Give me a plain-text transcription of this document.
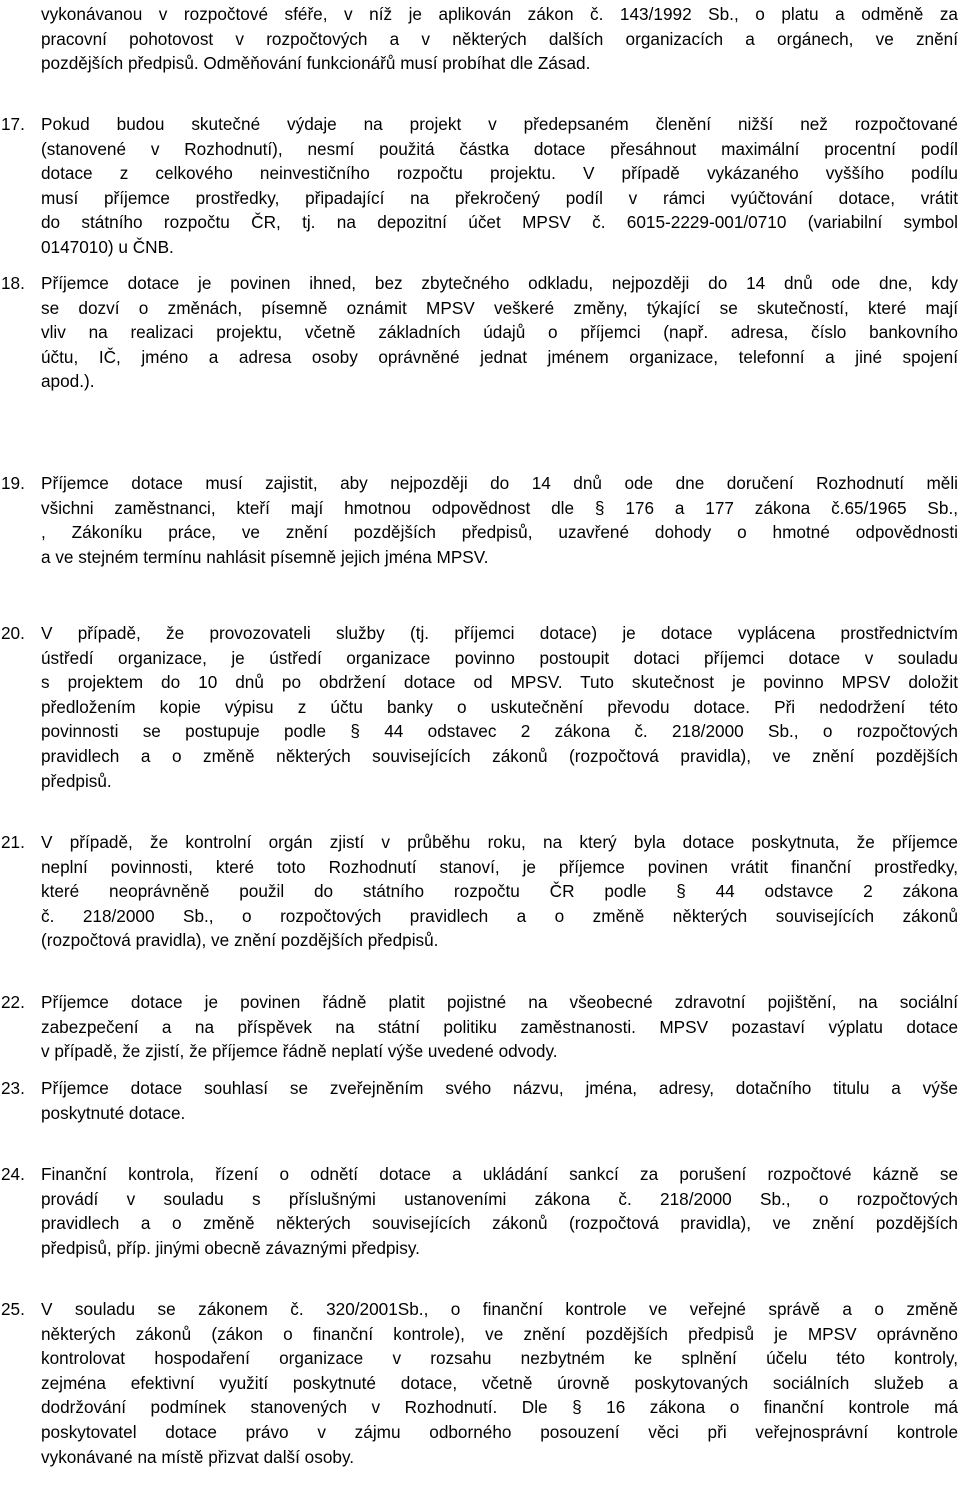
vykonávanou v rozpočtové sféře, v níž je aplikován zákon č. 143/1992 Sb., o platu a odměně za
pracovní pohotovost v rozpočtových a v některých dalších organizacích a orgánech, ve znění
pozdějších předpisů. Odměňování funkcionářů musí probíhat dle Zásad.
17. Pokud budou skutečné výdaje na projekt v předepsaném členění nižší než rozpočtované
(stanovené v Rozhodnutí), nesmí použitá částka dotace přesáhnout maximální procentní podíl
dotace z celkového neinvestičního rozpočtu projektu. V případě vykázaného vyššího podílu
musí příjemce prostředky, připadající na překročený podíl v rámci vyúčtování dotace, vrátit
do státního rozpočtu ČR, tj. na depozitní účet MPSV č. 6015-2229-001/0710 (variabilní symbol
0147010) u ČNB.
18. Příjemce dotace je povinen ihned, bez zbytečného odkladu, nejpozději do 14 dnů ode dne, kdy
se dozví o změnách, písemně oznámit MPSV veškeré změny, týkající se skutečností, které mají
vliv na realizaci projektu, včetně základních údajů o příjemci (např. adresa, číslo bankovního
účtu, IČ, jméno a adresa osoby oprávněné jednat jménem organizace, telefonní a jiné spojení
apod.).
19. Příjemce dotace musí zajistit, aby nejpozději do 14 dnů ode dne doručení Rozhodnutí měli
všichni zaměstnanci, kteří mají hmotnou odpovědnost dle § 176 a 177 zákona č.65/1965 Sb.,
, Zákoníku práce, ve znění pozdějších předpisů, uzavřené dohody o hmotné odpovědnosti
a ve stejném termínu nahlásit písemně jejich jména MPSV.
20. V případě, že provozovateli služby (tj. příjemci dotace) je dotace vyplácena prostřednictvím
ústředí organizace, je ústředí organizace povinno postoupit dotaci příjemci dotace v souladu
s projektem do 10 dnů po obdržení dotace od MPSV. Tuto skutečnost je povinno MPSV doložit
předložením kopie výpisu z účtu banky o uskutečnění převodu dotace. Při nedodržení této
povinnosti se postupuje podle § 44 odstavec 2 zákona č. 218/2000 Sb., o rozpočtových
pravidlech a o změně některých souvisejících zákonů (rozpočtová pravidla), ve znění pozdějších
předpisů.
21. V případě, že kontrolní orgán zjistí v průběhu roku, na který byla dotace poskytnuta, že příjemce
neplní povinnosti, které toto Rozhodnutí stanoví, je příjemce povinen vrátit finanční prostředky,
které neoprávněně použil do státního rozpočtu ČR podle § 44 odstavce 2 zákona
č. 218/2000 Sb., o rozpočtových pravidlech a o změně některých souvisejících zákonů
(rozpočtová pravidla), ve znění pozdějších předpisů.
22. Příjemce dotace je povinen řádně platit pojistné na všeobecné zdravotní pojištění, na sociální
zabezpečení a na příspěvek na státní politiku zaměstnanosti. MPSV pozastaví výplatu dotace
v případě, že zjistí, že příjemce řádně neplatí výše uvedené odvody.
23. Příjemce dotace souhlasí se zveřejněním svého názvu, jména, adresy, dotačního titulu a výše
poskytnuté dotace.
24. Finanční kontrola, řízení o odnětí dotace a ukládání sankcí za porušení rozpočtové kázně se
provádí v souladu s příslušnými ustanoveními zákona č. 218/2000 Sb., o rozpočtových
pravidlech a o změně některých souvisejících zákonů (rozpočtová pravidla), ve znění pozdějších
předpisů, příp. jinými obecně závaznými předpisy.
25. V souladu se zákonem č. 320/2001Sb., o finanční kontrole ve veřejné správě a o změně
některých zákonů (zákon o finanční kontrole), ve znění pozdějších předpisů je MPSV oprávněno
kontrolovat hospodaření organizace v rozsahu nezbytném ke splnění účelu této kontroly,
zejména efektivní využití poskytnuté dotace, včetně úrovně poskytovaných sociálních služeb a
dodržování podmínek stanovených v Rozhodnutí. Dle § 16 zákona o finanční kontrole má
poskytovatel dotace právo v zájmu odborného posouzení věci při veřejnosprávní kontrole
vykonávané na místě přizvat další osoby.
